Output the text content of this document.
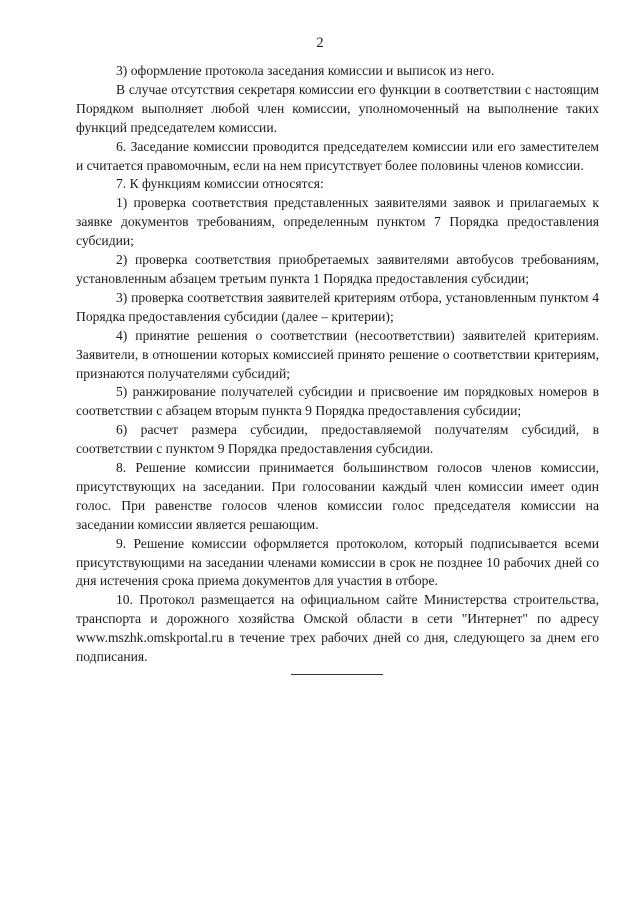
2

3) оформление протокола заседания комиссии и выписок из него.

В случае отсутствия секретаря комиссии его функции в соответствии с настоящим Порядком выполняет любой член комиссии, уполномоченный на выполнение таких функций председателем комиссии.

6. Заседание комиссии проводится председателем комиссии или его заместителем и считается правомочным, если на нем присутствует более половины членов комиссии.

7. К функциям комиссии относятся:

1) проверка соответствия представленных заявителями заявок и прилагаемых к заявке документов требованиям, определенным пунктом 7 Порядка предоставления субсидии;

2) проверка соответствия приобретаемых заявителями автобусов требованиям, установленным абзацем третьим пункта 1 Порядка предоставления субсидии;

3) проверка соответствия заявителей критериям отбора, установленным пунктом 4 Порядка предоставления субсидии (далее – критерии);

4) принятие решения о соответствии (несоответствии) заявителей критериям. Заявители, в отношении которых комиссией принято решение о соответствии критериям, признаются получателями субсидий;

5) ранжирование получателей субсидии и присвоение им порядковых номеров в соответствии с абзацем вторым пункта 9 Порядка предоставления субсидии;

6) расчет размера субсидии, предоставляемой получателям субсидий, в соответствии с пунктом 9 Порядка предоставления субсидии.

8. Решение комиссии принимается большинством голосов членов комиссии, присутствующих на заседании. При голосовании каждый член комиссии имеет один голос. При равенстве голосов членов комиссии голос председателя комиссии на заседании комиссии является решающим.

9. Решение комиссии оформляется протоколом, который подписывается всеми присутствующими на заседании членами комиссии в срок не позднее 10 рабочих дней со дня истечения срока приема документов для участия в отборе.

10. Протокол размещается на официальном сайте Министерства строительства, транспорта и дорожного хозяйства Омской области в сети "Интернет" по адресу www.mszhk.omskportal.ru в течение трех рабочих дней со дня, следующего за днем его подписания.
